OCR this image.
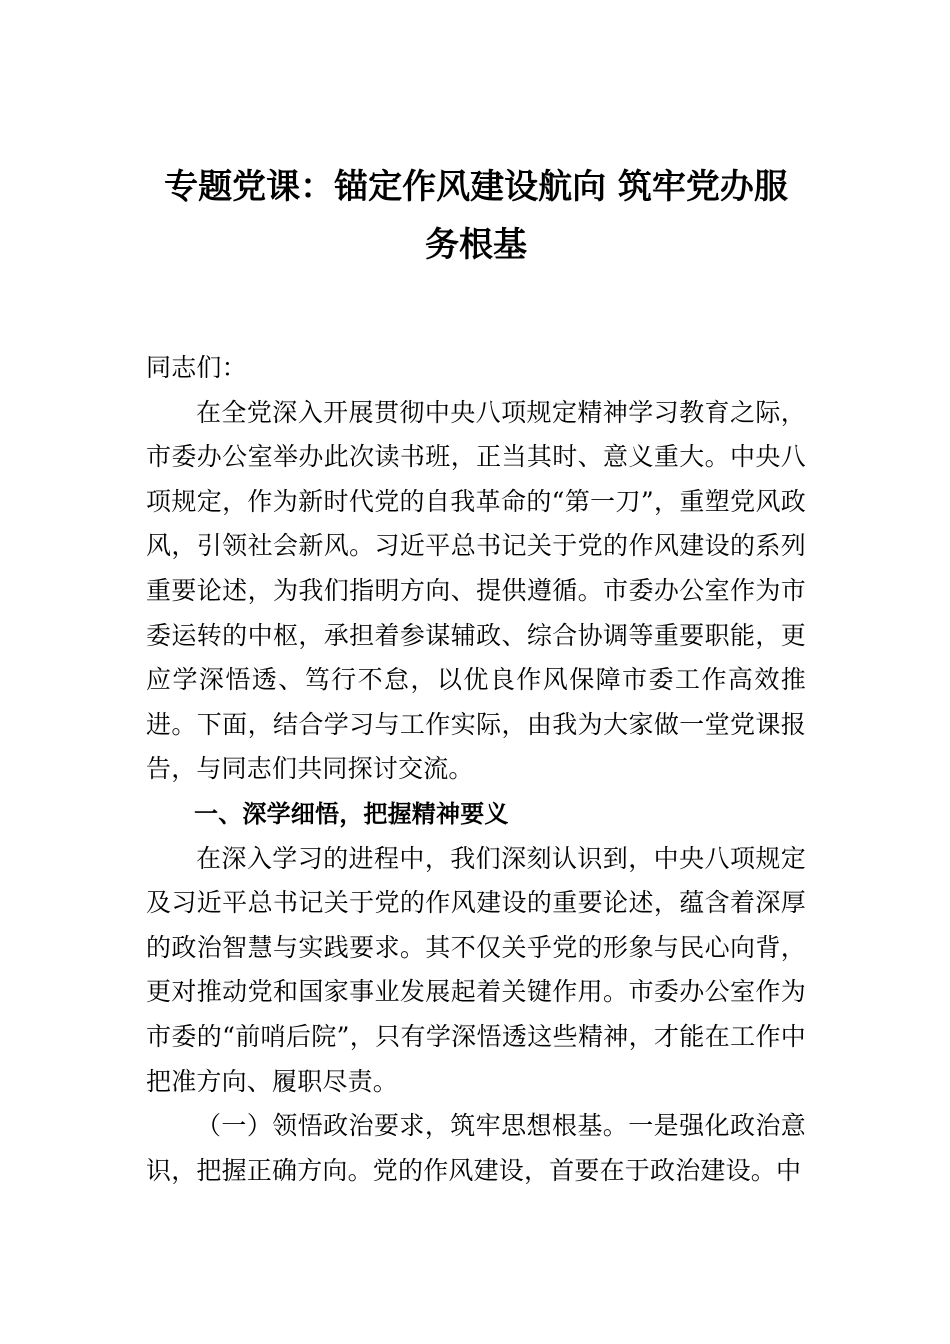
专题党课：锚定作风建设航向 筑牢党办服
务根基

同志们：

在全党深入开展贯彻中央八项规定精神学习教育之际，市委办公室举办此次读书班，正当其时、意义重大。中央八项规定，作为新时代党的自我革命的“第一刀”，重塑党风政风，引领社会新风。习近平总书记关于党的作风建设的系列重要论述，为我们指明方向、提供遵循。市委办公室作为市委运转的中枢，承担着参谋辅政、综合协调等重要职能，更应学深悟透、笃行不怠，以优良作风保障市委工作高效推进。下面，结合学习与工作实际，由我为大家做一堂党课报告，与同志们共同探讨交流。

一、深学细悟，把握精神要义

在深入学习的进程中，我们深刻认识到，中央八项规定及习近平总书记关于党的作风建设的重要论述，蕴含着深厚的政治智慧与实践要求。其不仅关乎党的形象与民心向背，更对推动党和国家事业发展起着关键作用。市委办公室作为市委的“前哨后院”，只有学深悟透这些精神，才能在工作中把准方向、履职尽责。

（一）领悟政治要求，筑牢思想根基。一是强化政治意识，把握正确方向。党的作风建设，首要在于政治建设。中
